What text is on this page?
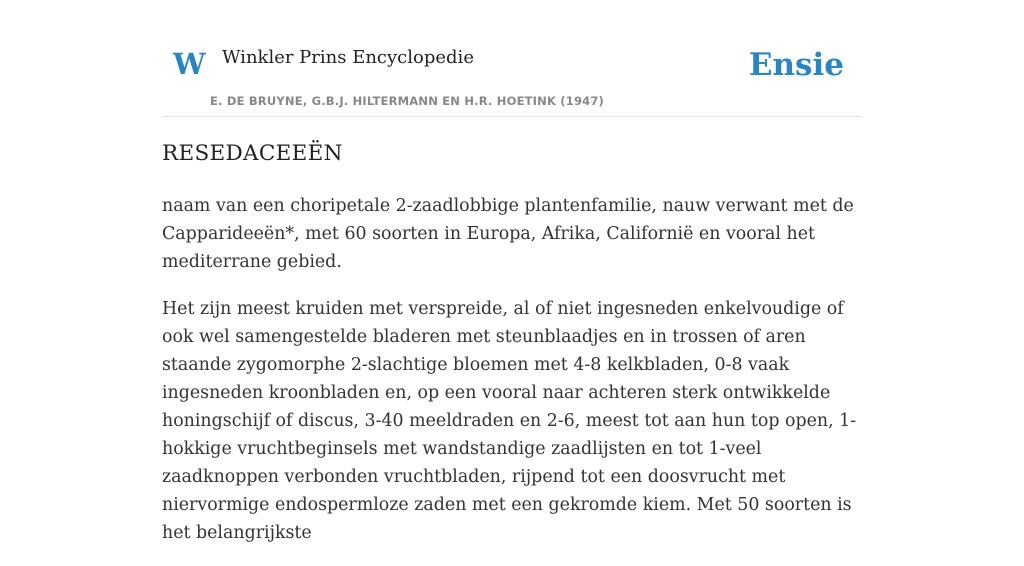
W Winkler Prins Encyclopedie
E. DE BRUYNE, G.B.J. HILTERMANN EN H.R. HOETINK (1947)
Ensie
RESEDACEEËN

naam van een choripetale 2-zaadlobbige plantenfamilie, nauw verwant met de Capparideeën*, met 60 soorten in Europa, Afrika, Californië en vooral het mediterrane gebied.

Het zijn meest kruiden met verspreide, al of niet ingesneden enkelvoudige of ook wel samengestelde bladeren met steunblaadjes en in trossen of aren staande zygomorphe 2-slachtige bloemen met 4-8 kelkbladen, 0-8 vaak ingesneden kroonbladen en, op een vooral naar achteren sterk ontwikkelde honingschijf of discus, 3-40 meeldraden en 2-6, meest tot aan hun top open, 1-hokkige vruchtbeginsels met wandstandige zaadlijsten en tot 1-veel zaadknoppen verbonden vruchtbladen, rijpend tot een doosvrucht met niervormige endospermloze zaden met een gekromde kiem. Met 50 soorten is het belangrijkste
